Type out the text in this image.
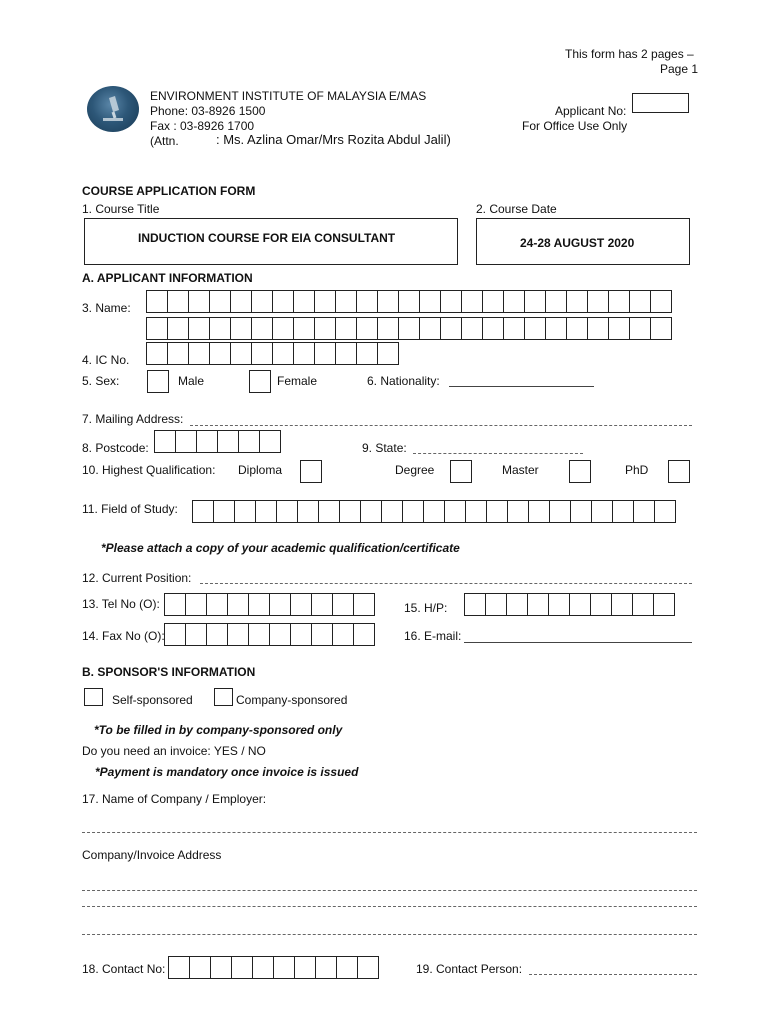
This form has 2 pages –
Page 1
ENVIRONMENT INSTITUTE OF MALAYSIA E/MAS
Phone: 03-8926 1500
Fax : 03-8926 1700
(Attn.	: Ms. Azlina Omar/Mrs Rozita Abdul Jalil)
Applicant No:
For Office Use Only
COURSE APPLICATION FORM
1. Course Title	2. Course Date
INDUCTION COURSE FOR EIA CONSULTANT	24-28 AUGUST 2020
A. APPLICANT INFORMATION
3. Name:
4. IC No.
5. Sex:	Male	Female	6. Nationality:
7. Mailing Address:
8. Postcode:	9. State:
10. Highest Qualification: Diploma	Degree	Master	PhD
11. Field of Study:
*Please attach a copy of your academic qualification/certificate
12. Current Position:
13. Tel No (O):	15. H/P:
14. Fax No (O):	16. E-mail:
B. SPONSOR'S INFORMATION
Self-sponsored	Company-sponsored
*To be filled in by company-sponsored only
Do you need an invoice: YES / NO
*Payment is mandatory once invoice is issued
17. Name of Company / Employer:
Company/Invoice Address
18. Contact No:	19. Contact Person:
